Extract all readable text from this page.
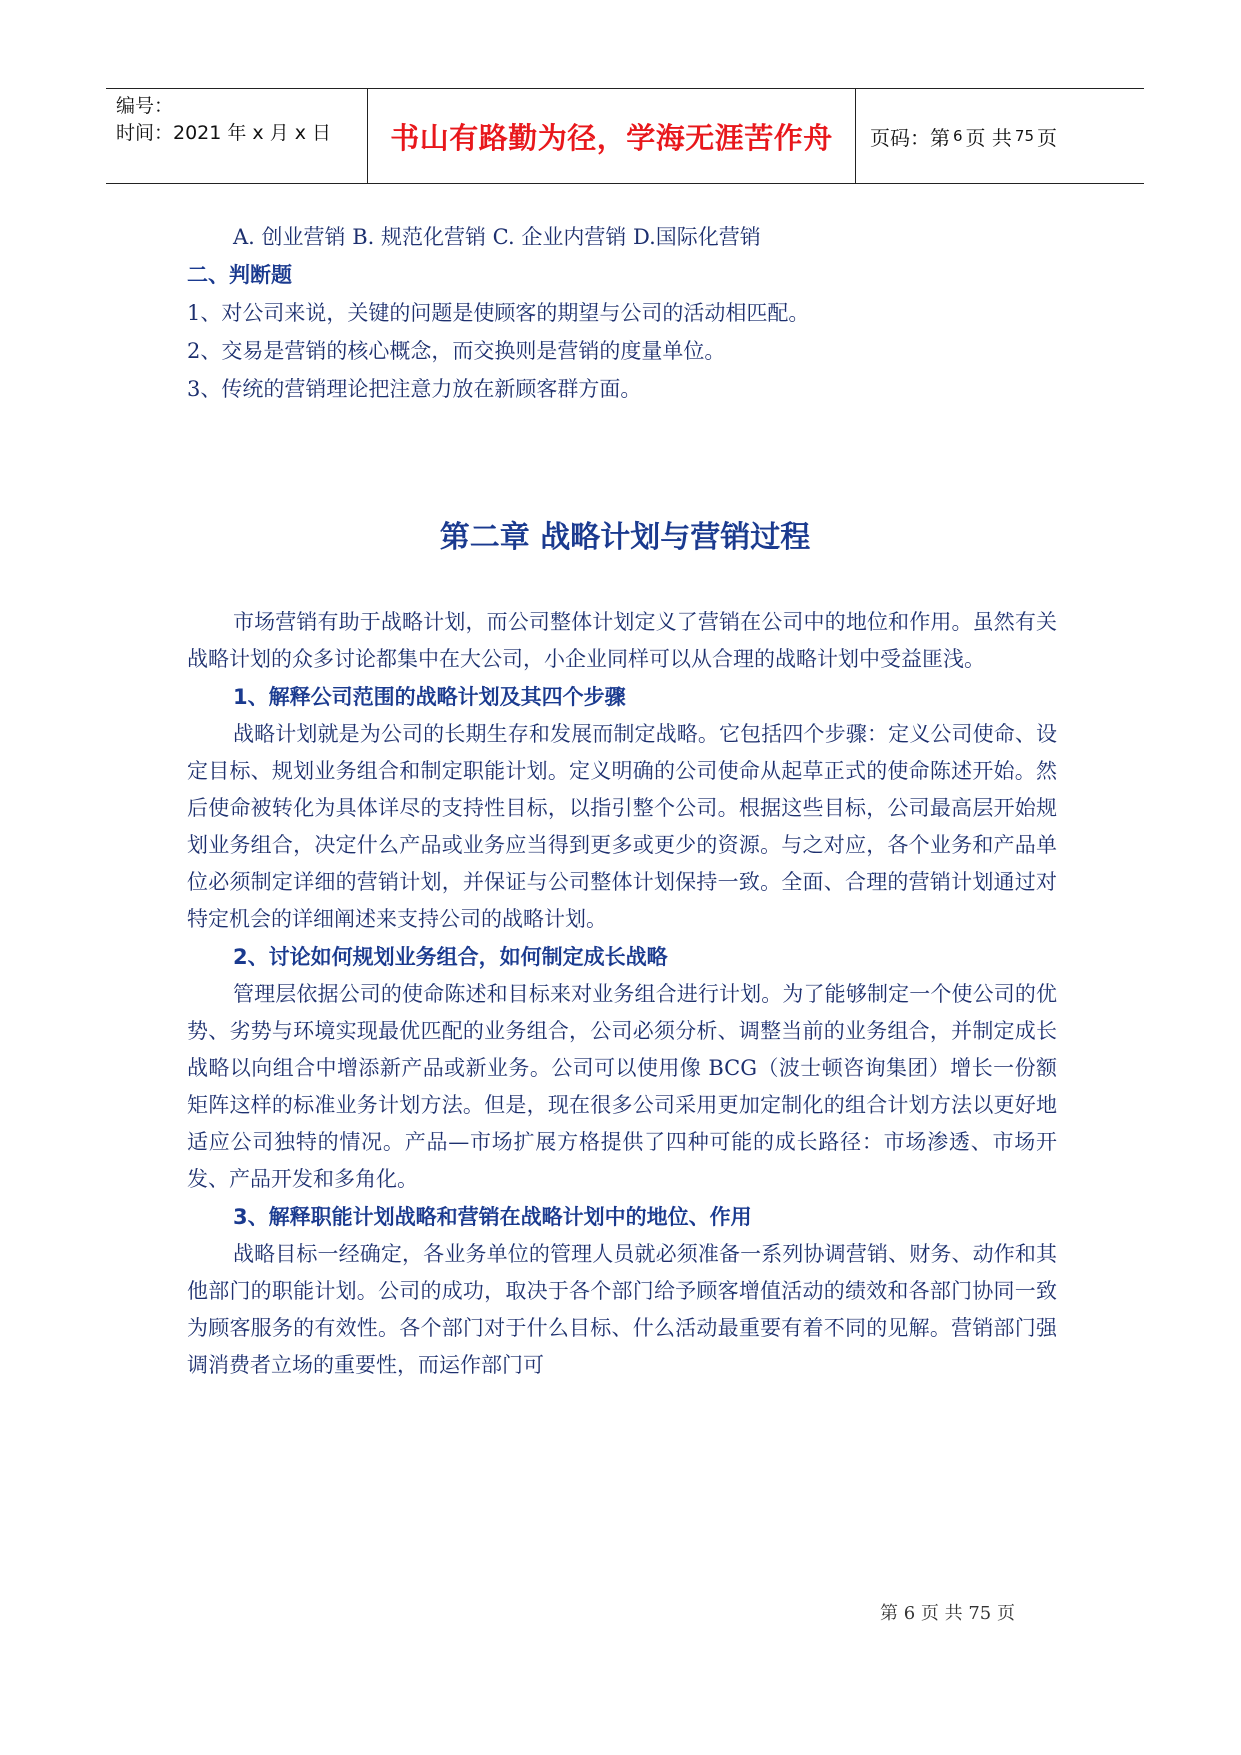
编号：
时间：2021 年 x 月 x 日	书山有路勤为径，学海无涯苦作舟	页码：第 6 页 共 75 页
A. 创业营销 B. 规范化营销 C. 企业内营销 D.国际化营销
二、判断题
1、对公司来说，关键的问题是使顾客的期望与公司的活动相匹配。
2、交易是营销的核心概念，而交换则是营销的度量单位。
3、传统的营销理论把注意力放在新顾客群方面。
第二章 战略计划与营销过程

市场营销有助于战略计划，而公司整体计划定义了营销在公司中的地位和作用。虽然有关战略计划的众多讨论都集中在大公司，小企业同样可以从合理的战略计划中受益匪浅。

1、解释公司范围的战略计划及其四个步骤

战略计划就是为公司的长期生存和发展而制定战略。它包括四个步骤：定义公司使命、设定目标、规划业务组合和制定职能计划。定义明确的公司使命从起草正式的使命陈述开始。然后使命被转化为具体详尽的支持性目标，以指引整个公司。根据这些目标，公司最高层开始规划业务组合，决定什么产品或业务应当得到更多或更少的资源。与之对应，各个业务和产品单位必须制定详细的营销计划，并保证与公司整体计划保持一致。全面、合理的营销计划通过对特定机会的详细阐述来支持公司的战略计划。

2、讨论如何规划业务组合，如何制定成长战略

管理层依据公司的使命陈述和目标来对业务组合进行计划。为了能够制定一个使公司的优势、劣势与环境实现最优匹配的业务组合，公司必须分析、调整当前的业务组合，并制定成长战略以向组合中增添新产品或新业务。公司可以使用像 BCG（波士顿咨询集团）增长一份额矩阵这样的标准业务计划方法。但是，现在很多公司采用更加定制化的组合计划方法以更好地适应公司独特的情况。产品—市场扩展方格提供了四种可能的成长路径：市场渗透、市场开发、产品开发和多角化。

3、解释职能计划战略和营销在战略计划中的地位、作用

战略目标一经确定，各业务单位的管理人员就必须准备一系列协调营销、财务、动作和其他部门的职能计划。公司的成功，取决于各个部门给予顾客增值活动的绩效和各部门协同一致为顾客服务的有效性。各个部门对于什么目标、什么活动最重要有着不同的见解。营销部门强调消费者立场的重要性，而运作部门可

第 6 页 共 75 页
